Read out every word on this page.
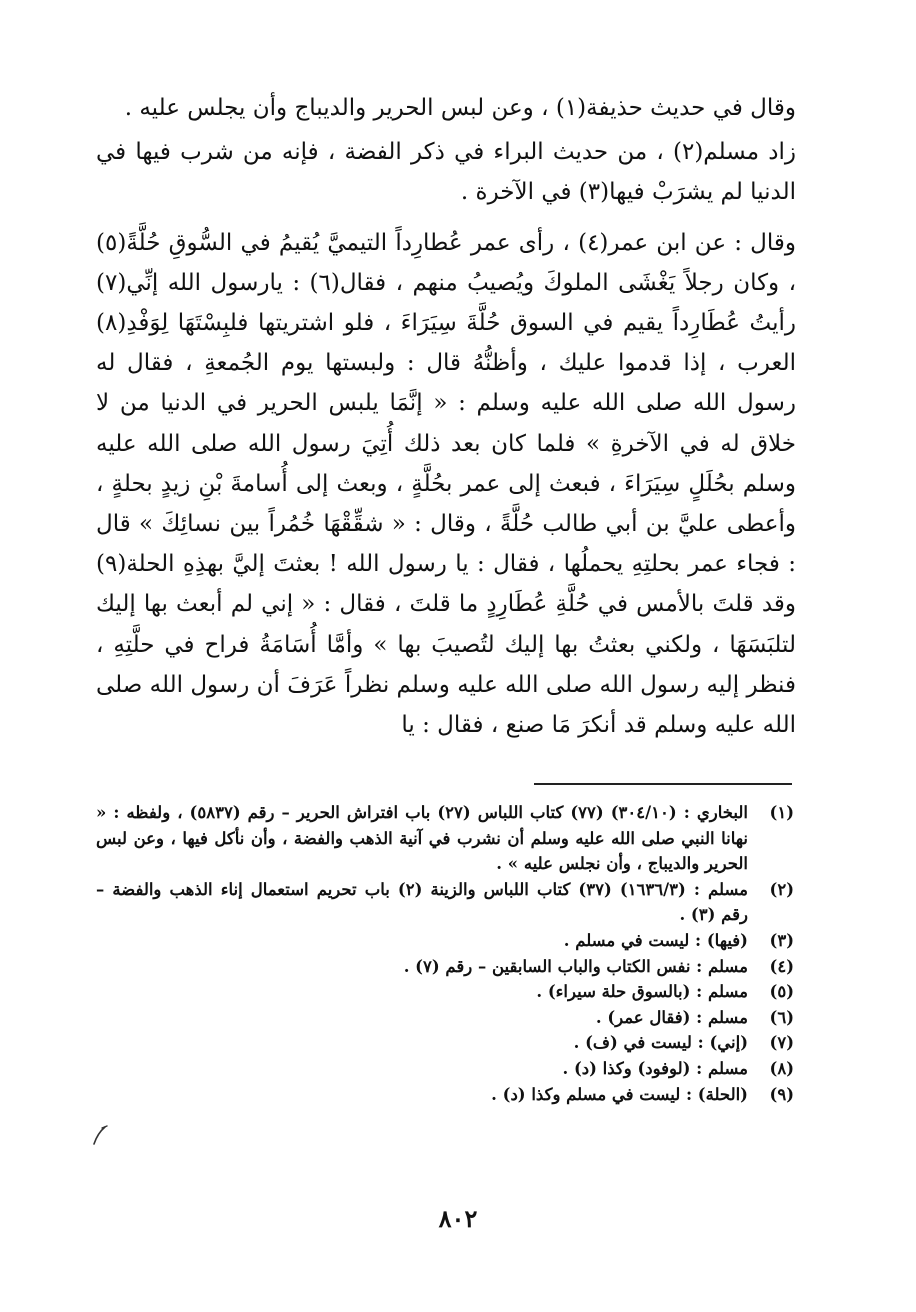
وقال في حديث حذيفة(١) ، وعن لبس الحرير والديباج وأن يجلس عليه .

زاد مسلم(٢) ، من حديث البراء في ذكر الفضة ، فإنه من شرب فيها في الدنيا لم يشرَبْ فيها(٣) في الآخرة .

وقال : عن ابن عمر(٤) ، رأى عمر عُطارِداً التيميَّ يُقيمُ في السُّوقِ حُلَّةً(٥) ، وكان رجلاً يَغْشَى الملوكَ ويُصيبُ منهم ، فقال(٦) : يارسول الله إنِّي(٧) رأيتُ عُطَارِداً يقيم في السوق حُلَّةَ سِيَرَاءَ ، فلو اشتريتها فلبِسْتَهَا لِوَفْدِ(٨) العرب ، إذا قدموا عليك ، وأظنُّهُ قال : ولبستها يوم الجُمعةِ ، فقال له رسول الله صلى الله عليه وسلم : « إنَّمَا يلبس الحرير في الدنيا من لا خلاق له في الآخرةِ » فلما كان بعد ذلك أُتِيَ رسول الله صلى الله عليه وسلم بحُلَلٍ سِيَرَاءَ ، فبعث إلى عمر بحُلَّةٍ ، وبعث إلى أُسامةَ بْنِ زيدٍ بحلةٍ ، وأعطى عليَّ بن أبي طالب حُلَّةً ، وقال : « شقِّقْهَا خُمُراً بين نسائِكَ » قال : فجاء عمر بحلتِهِ يحملُها ، فقال : يا رسول الله ! بعثتَ إليَّ بهذِهِ الحلة(٩) وقد قلتَ بالأمس في حُلَّةِ عُطَارِدٍ ما قلتَ ، فقال : « إني لم أبعث بها إليك لتلبَسَهَا ، ولكني بعثتُ بها إليك لتُصيبَ بها » وأمَّا أُسَامَةُ فراح في حلَّتِهِ ، فنظر إليه رسول الله صلى الله عليه وسلم نظراً عَرَفَ أن رسول الله صلى الله عليه وسلم قد أنكرَ مَا صنع ، فقال : يا

(١)
البخاري : (٣٠٤/١٠) (٧٧) كتاب اللباس (٢٧) باب افتراش الحرير – رقم (٥٨٣٧) ، ولفظه : « نهانا النبي صلى الله عليه وسلم أن نشرب في آنية الذهب والفضة ، وأن نأكل فيها ، وعن لبس الحرير والديباج ، وأن نجلس عليه » .
(٢)
مسلم : (١٦٣٦/٣) (٣٧) كتاب اللباس والزينة (٢) باب تحريم استعمال إناء الذهب والفضة – رقم (٣) .
(٣)
(فيها) : ليست في مسلم .
(٤)
مسلم : نفس الكتاب والباب السابقين – رقم (٧) .
(٥)
مسلم : (بالسوق حلة سيراء) .
(٦)
مسلم : (فقال عمر) .
(٧)
(إني) : ليست في (ف) .
(٨)
مسلم : (لوفود) وكذا (د) .
(٩)
(الحلة) : ليست في مسلم وكذا (د) .
٨٠٢
